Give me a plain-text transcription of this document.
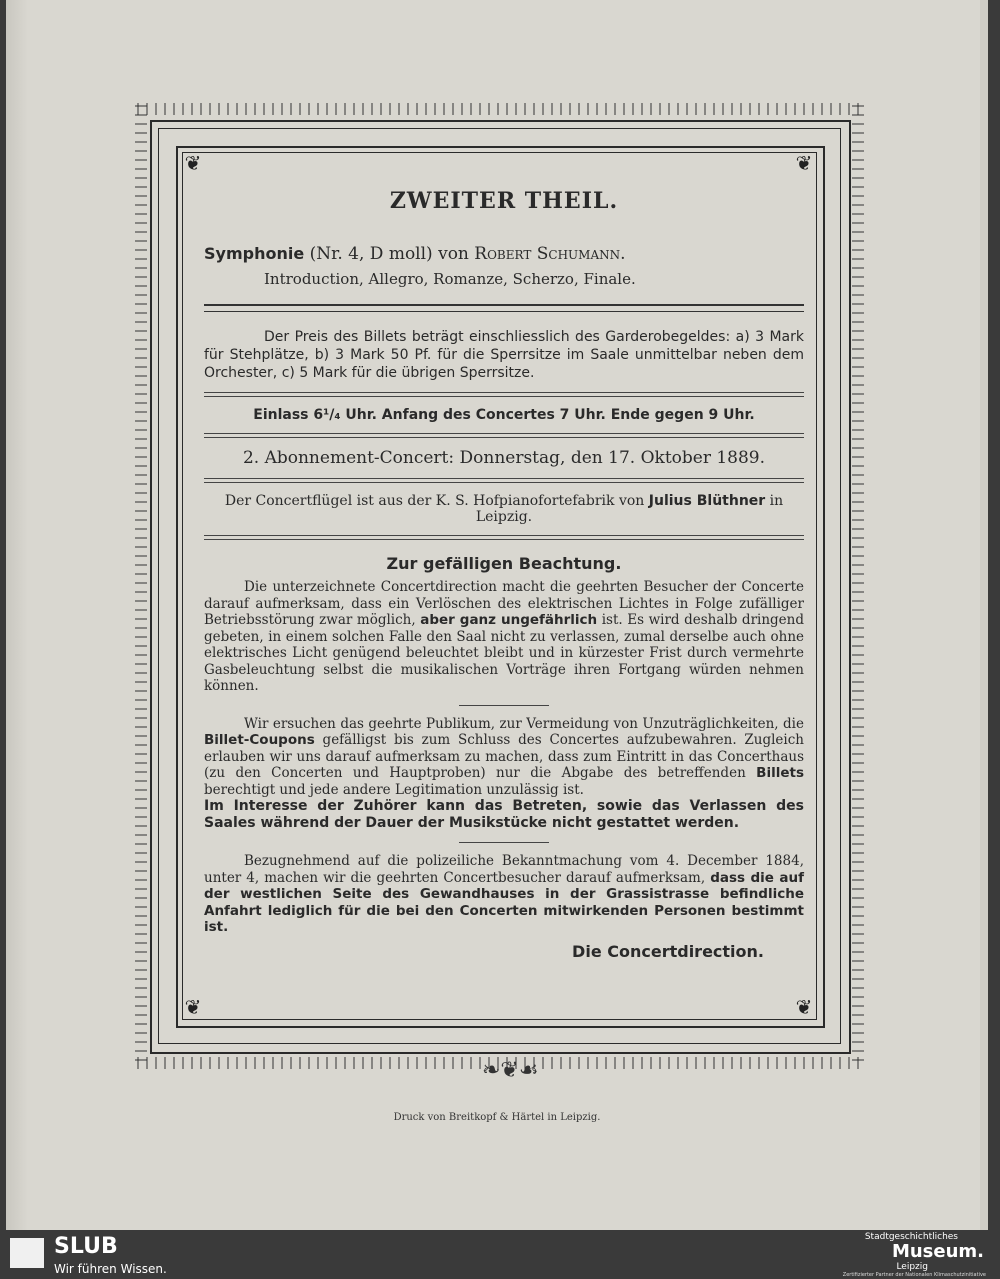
❦	❦
❦	❦
ZWEITER THEIL.
Symphonie (Nr. 4, D moll) von Robert Schumann.
Introduction, Allegro, Romanze, Scherzo, Finale.

Der Preis des Billets beträgt einschliesslich des Garderobegeldes: a) 3 Mark für Stehplätze, b) 3 Mark 50 Pf. für die Sperrsitze im Saale unmittelbar neben dem Orchester, c) 5 Mark für die übrigen Sperrsitze.

Einlass 6¹/₄ Uhr. Anfang des Concertes 7 Uhr. Ende gegen 9 Uhr.
2. Abonnement-Concert: Donnerstag, den 17. Oktober 1889.
Der Concertflügel ist aus der K. S. Hofpianofortefabrik von Julius Blüthner in Leipzig.
Zur gefälligen Beachtung.

Die unterzeichnete Concertdirection macht die geehrten Besucher der Concerte darauf aufmerksam, dass ein Verlöschen des elektrischen Lichtes in Folge zufälliger Betriebsstörung zwar möglich, aber ganz ungefährlich ist. Es wird deshalb dringend gebeten, in einem solchen Falle den Saal nicht zu verlassen, zumal derselbe auch ohne elektrisches Licht genügend beleuchtet bleibt und in kürzester Frist durch vermehrte Gasbeleuchtung selbst die musikalischen Vorträge ihren Fortgang würden nehmen können.

Wir ersuchen das geehrte Publikum, zur Vermeidung von Unzuträglichkeiten, die Billet-Coupons gefälligst bis zum Schluss des Concertes aufzubewahren. Zugleich erlauben wir uns darauf aufmerksam zu machen, dass zum Eintritt in das Concerthaus (zu den Concerten und Hauptproben) nur die Abgabe des betreffenden Billets berechtigt und jede andere Legitimation unzulässig ist.

Im Interesse der Zuhörer kann das Betreten, sowie das Verlassen des Saales während der Dauer der Musikstücke nicht gestattet werden.

Bezugnehmend auf die polizeiliche Bekanntmachung vom 4. December 1884, unter 4, machen wir die geehrten Concertbesucher darauf aufmerksam, dass die auf der westlichen Seite des Gewandhauses in der Grassistrasse befindliche Anfahrt lediglich für die bei den Concerten mitwirkenden Personen bestimmt ist.

Die Concertdirection.
❧❦☙
Druck von Breitkopf & Härtel in Leipzig.
SLUB
Wir führen Wissen.
Stadtgeschichtliches
Museum.
Leipzig
Zertifizierter Partner der Nationalen Klimaschutzinitiative
